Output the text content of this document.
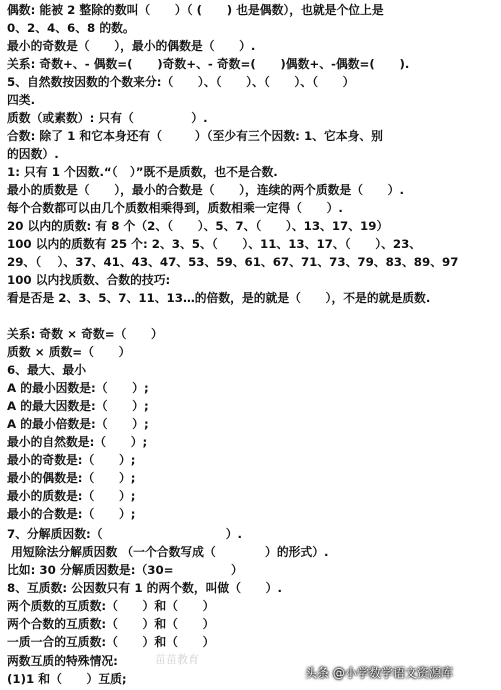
偶数: 能被 2 整除的数叫（      ）（ (      ) 也是偶数），也就是个位上是
0、2、4、6、8 的数。
最小的奇数是（      ），最小的偶数是（      ）.
关系: 奇数+、- 偶数=(      )奇数+、- 奇数=(      )偶数+、-偶数=(      ).
5、自然数按因数的个数来分:（      ）、（      ）、（      ）、（      ）
四类.
质数（或素数）: 只有（              ）.
合数: 除了 1 和它本身还有（        ）（至少有三个因数: 1、它本身、别
的因数）.
1: 只有 1 个因数.“（   ）”既不是质数，也不是合数.
最小的质数是（      ），最小的合数是（      ），连续的两个质数是（      ）.
每个合数都可以由几个质数相乘得到，质数相乘一定得（      ）.
20 以内的质数: 有 8 个（2、（      ）、5、7、（      ）、13、17、19）
100 以内的质数有 25 个: 2、3、5、（      ）、11、13、17、（      ）、23、
29、（    ）、37、41、43、47、53、59、61、67、71、73、79、83、89、97
100 以内找质数、合数的技巧:
看是否是 2、3、5、7、11、13…的倍数，是的就是（      ），不是的就是质数.
关系: 奇数 × 奇数=（      ）
质数 × 质数=（      ）
6、最大、最小
A 的最小因数是:（      ）;
A 的最大因数是:（      ）;
A 的最小倍数是:（      ）;
最小的自然数是:（      ）;
最小的奇数是:（      ）;
最小的偶数是:（      ）;
最小的质数是:（      ）;
最小的合数是:（      ）;
7、分解质因数:（                              ）.
用短除法分解质因数 （一个合数写成（            ）的形式）.
比如: 30 分解质因数是:（30=              ）
8、互质数: 公因数只有 1 的两个数，叫做（      ）.
两个质数的互质数:（      ）和（      ）
两个合数的互质数:（      ）和（      ）
一质一合的互质数:（      ）和（      ）
两数互质的特殊情况:
(1)1 和（      ）互质;
苗苗教育
头条 @小学数学语文资源库
